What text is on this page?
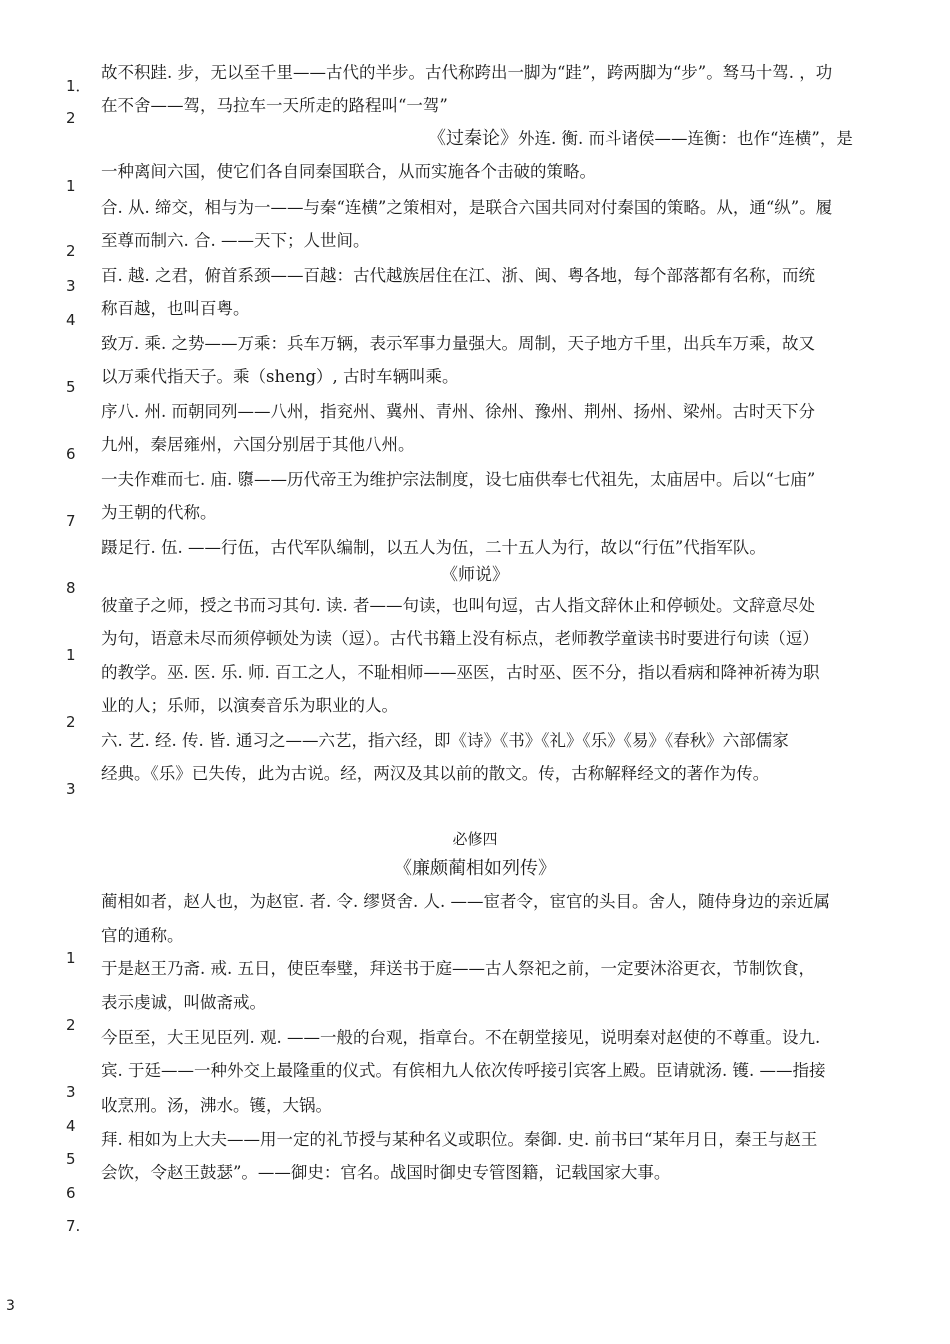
1．
2
1
2
3
4
5
6
7
8
1
2
3
1
2
3
4
5
6
7.
故不积跬. 步，无以至千里——古代的半步。古代称跨出一脚为“跬”，跨两脚为“步”。驽马十驾. ，功
在不舍——驾，马拉车一天所走的路程叫“一驾”
《过秦论》外连. 衡. 而斗诸侯——连衡：也作“连横”，是
一种离间六国，使它们各自同秦国联合，从而实施各个击破的策略。
合. 从. 缔交，相与为一——与秦“连横”之策相对，是联合六国共同对付秦国的策略。从，通“纵”。履
至尊而制六. 合. ——天下；人世间。
百. 越. 之君，俯首系颈——百越：古代越族居住在江、浙、闽、粤各地，每个部落都有名称，而统
称百越，也叫百粤。
致万. 乘. 之势——万乘：兵车万辆，表示军事力量强大。周制，天子地方千里，出兵车万乘，故又
以万乘代指天子。乘（sheng）, 古时车辆叫乘。
序八. 州. 而朝同列——八州，指兖州、冀州、青州、徐州、豫州、荆州、扬州、梁州。古时天下分
九州，秦居雍州，六国分别居于其他八州。
一夫作难而七. 庙. 隳——历代帝王为维护宗法制度，设七庙供奉七代祖先，太庙居中。后以“七庙”
为王朝的代称。
蹑足行. 伍. ——行伍，古代军队编制，以五人为伍，二十五人为行，故以“行伍”代指军队。
《师说》
彼童子之师，授之书而习其句. 读. 者——句读，也叫句逗，古人指文辞休止和停顿处。文辞意尽处
为句，语意未尽而须停顿处为读（逗）。古代书籍上没有标点，老师教学童读书时要进行句读（逗）
的教学。巫. 医. 乐. 师. 百工之人，不耻相师——巫医，古时巫、医不分，指以看病和降神祈祷为职
业的人；乐师，以演奏音乐为职业的人。
六. 艺. 经. 传. 皆. 通习之——六艺，指六经，即《诗》《书》《礼》《乐》《易》《春秋》六部儒家
经典。《乐》已失传，此为古说。经，两汉及其以前的散文。传，古称解释经文的著作为传。
必修四
《廉颇蔺相如列传》
蔺相如者，赵人也，为赵宦. 者. 令. 缪贤舍. 人. ——宦者令，宦官的头目。舍人，随侍身边的亲近属
官的通称。
于是赵王乃斋. 戒. 五日，使臣奉璧，拜送书于庭——古人祭祀之前，一定要沐浴更衣，节制饮食，
表示虔诚，叫做斋戒。
今臣至，大王见臣列. 观. ——一般的台观，指章台。不在朝堂接见，说明秦对赵使的不尊重。设九.
宾. 于廷——一种外交上最隆重的仪式。有傧相九人依次传呼接引宾客上殿。臣请就汤. 镬. ——指接
收烹刑。汤，沸水。镬，大锅。
拜. 相如为上大夫——用一定的礼节授与某种名义或职位。秦御. 史. 前书曰“某年月日，秦王与赵王
会饮，令赵王鼓瑟”。——御史：官名。战国时御史专管图籍，记载国家大事。
3
